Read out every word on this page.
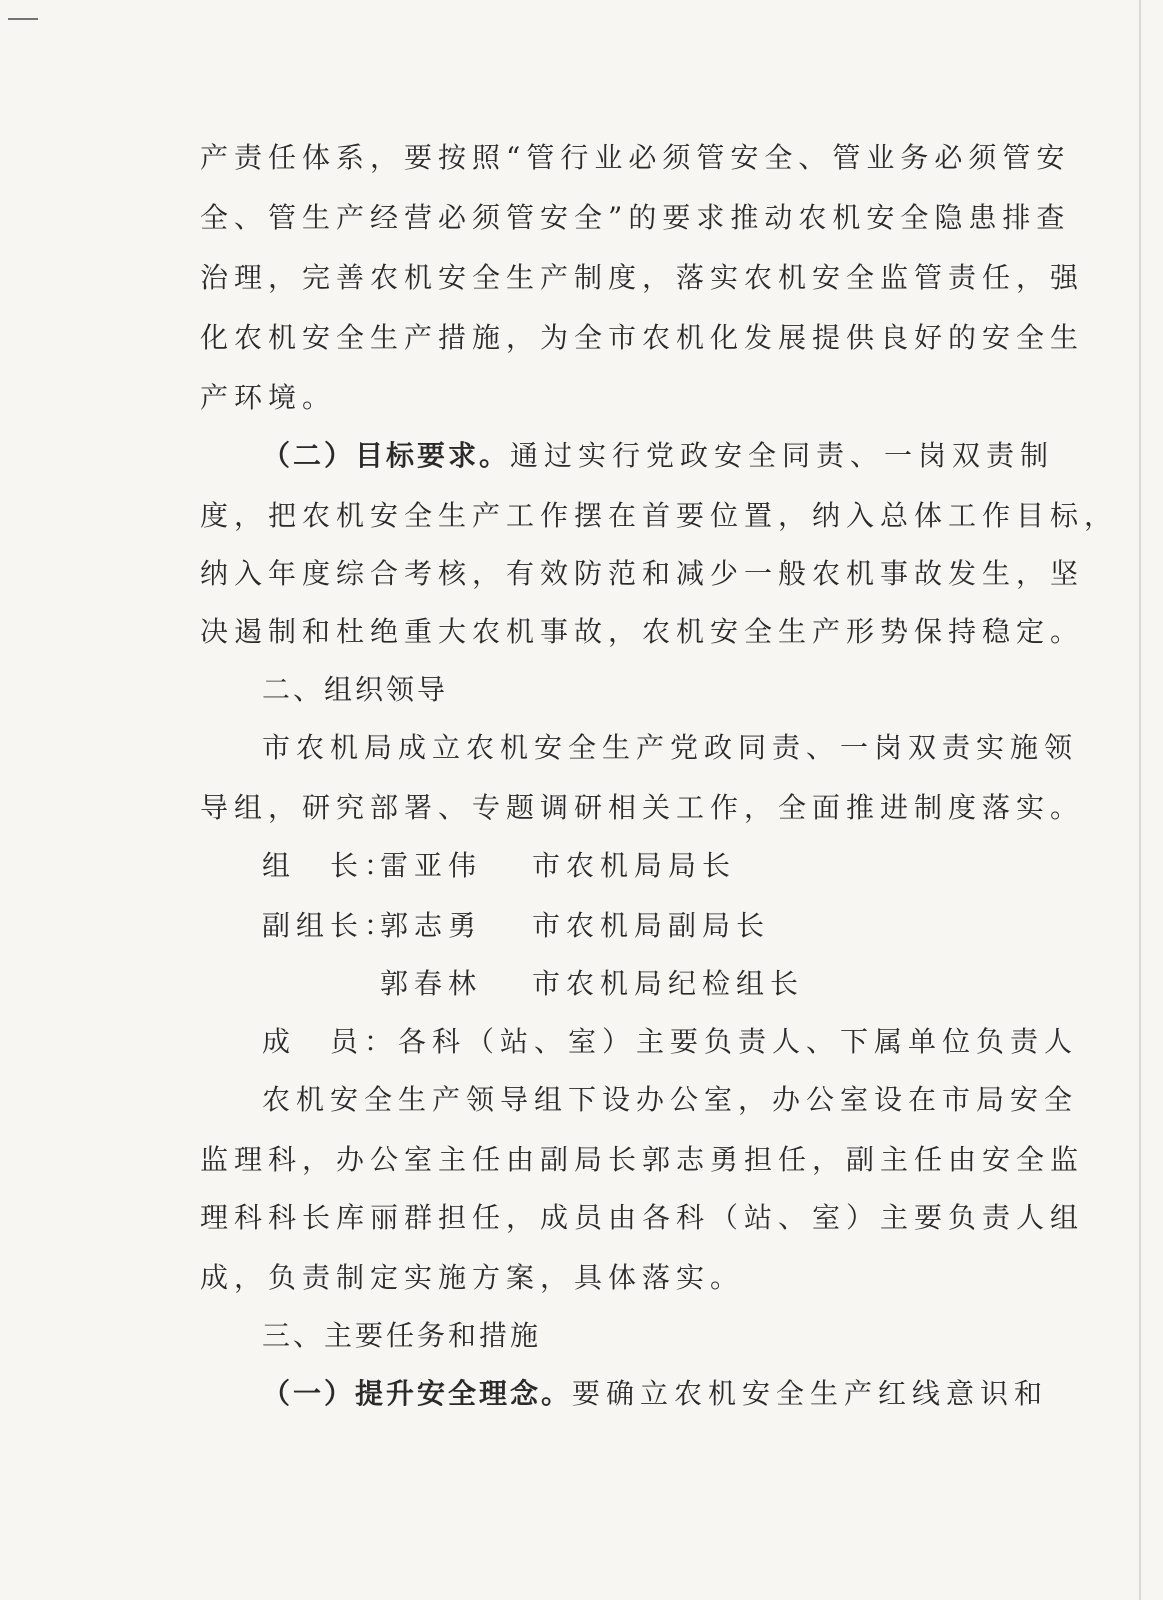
产责任体系，要按照“管行业必须管安全、管业务必须管安
全、管生产经营必须管安全”的要求推动农机安全隐患排查
治理，完善农机安全生产制度，落实农机安全监管责任，强
化农机安全生产措施，为全市农机化发展提供良好的安全生
产环境。
（二）目标要求。通过实行党政安全同责、一岗双责制
度，把农机安全生产工作摆在首要位置，纳入总体工作目标，
纳入年度综合考核，有效防范和减少一般农机事故发生，坚
决遏制和杜绝重大农机事故，农机安全生产形势保持稳定。
二、组织领导
市农机局成立农机安全生产党政同责、一岗双责实施领
导组，研究部署、专题调研相关工作，全面推进制度落实。
组　长：
雷亚伟 市农机局局长
副组长：
郭志勇 市农机局副局长
郭春林 市农机局纪检组长
成　员：各科（站、室）主要负责人、下属单位负责人
农机安全生产领导组下设办公室，办公室设在市局安全
监理科，办公室主任由副局长郭志勇担任，副主任由安全监
理科科长库丽群担任，成员由各科（站、室）主要负责人组
成，负责制定实施方案，具体落实。
三、主要任务和措施
（一）提升安全理念。要确立农机安全生产红线意识和
